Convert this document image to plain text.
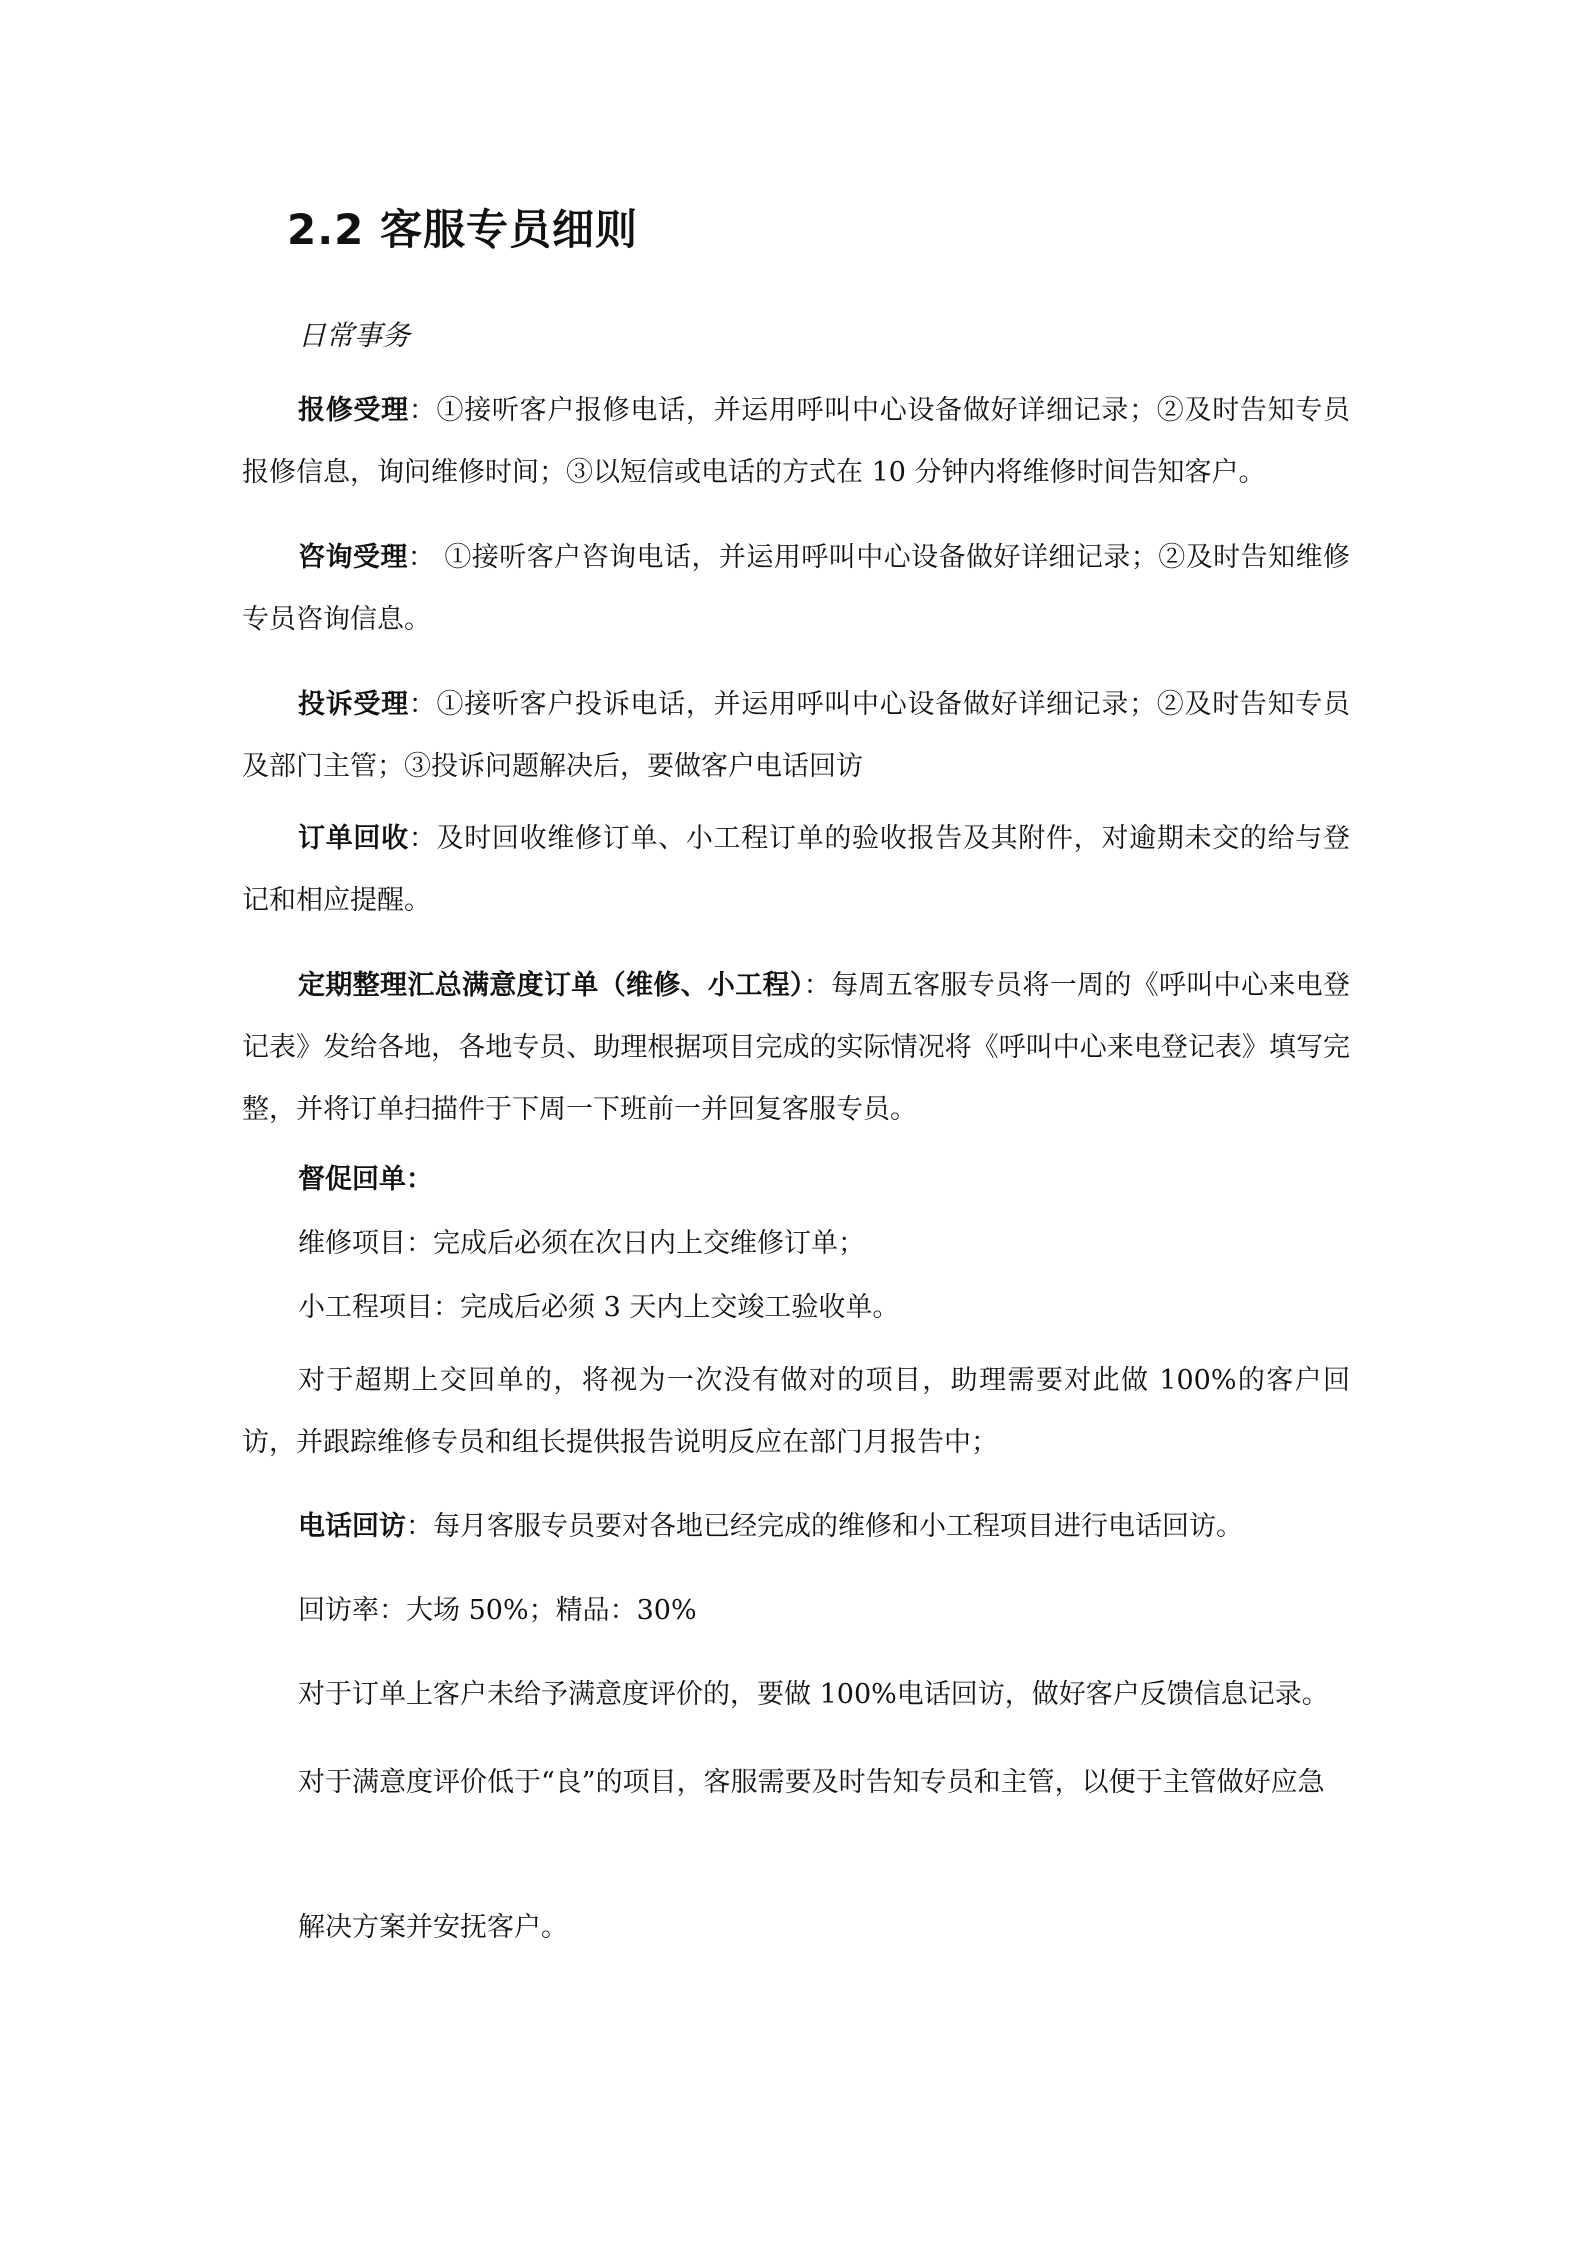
2.2 客服专员细则
日常事务

报修受理：①接听客户报修电话，并运用呼叫中心设备做好详细记录；②及时告知专员报修信息，询问维修时间；③以短信或电话的方式在 10 分钟内将维修时间告知客户。

咨询受理： ①接听客户咨询电话，并运用呼叫中心设备做好详细记录；②及时告知维修专员咨询信息。

投诉受理：①接听客户投诉电话，并运用呼叫中心设备做好详细记录；②及时告知专员及部门主管；③投诉问题解决后，要做客户电话回访

订单回收：及时回收维修订单、小工程订单的验收报告及其附件，对逾期未交的给与登记和相应提醒。

定期整理汇总满意度订单（维修、小工程）：每周五客服专员将一周的《呼叫中心来电登记表》发给各地，各地专员、助理根据项目完成的实际情况将《呼叫中心来电登记表》填写完整，并将订单扫描件于下周一下班前一并回复客服专员。

督促回单：

维修项目：完成后必须在次日内上交维修订单；

小工程项目：完成后必须 3 天内上交竣工验收单。

对于超期上交回单的，将视为一次没有做对的项目，助理需要对此做 100%的客户回访，并跟踪维修专员和组长提供报告说明反应在部门月报告中；

电话回访：每月客服专员要对各地已经完成的维修和小工程项目进行电话回访。

回访率：大场 50%；精品：30%

对于订单上客户未给予满意度评价的，要做 100%电话回访，做好客户反馈信息记录。

对于满意度评价低于“良”的项目，客服需要及时告知专员和主管，以便于主管做好应急

解决方案并安抚客户。
